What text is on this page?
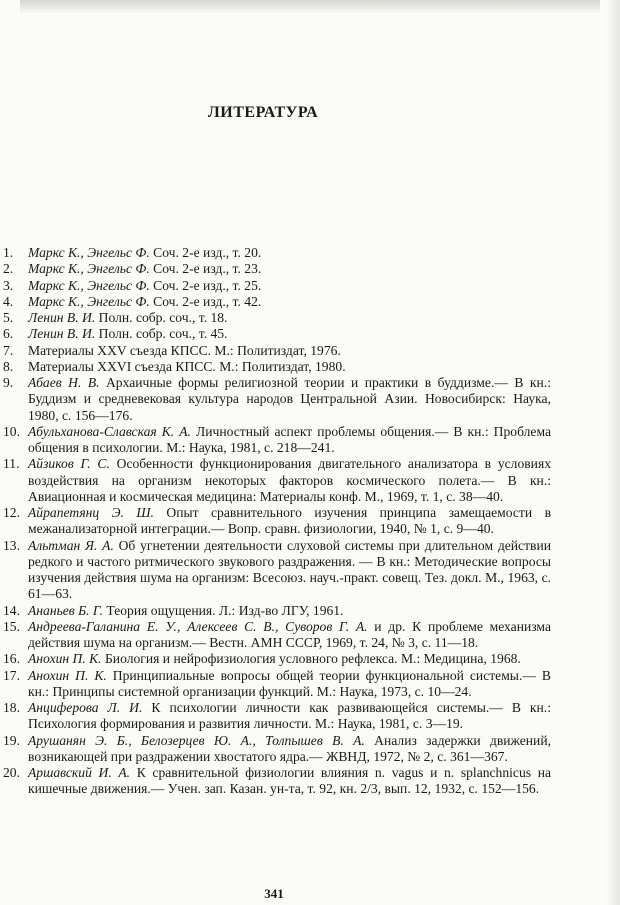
ЛИТЕРАТУРА
1. Маркс К., Энгельс Ф. Соч. 2-е изд., т. 20.
2. Маркс К., Энгельс Ф. Соч. 2-е изд., т. 23.
3. Маркс К., Энгельс Ф. Соч. 2-е изд., т. 25.
4. Маркс К., Энгельс Ф. Соч. 2-е изд., т. 42.
5. Ленин В. И. Полн. собр. соч., т. 18.
6. Ленин В. И. Полн. собр. соч., т. 45.
7. Материалы XXV съезда КПСС. М.: Политиздат, 1976.
8. Материалы XXVI съезда КПСС. М.: Политиздат, 1980.
9. Абаев Н. В. Архаичные формы религиозной теории и практики в буддизме.— В кн.: Буддизм и средневековая культура народов Центральной Азии. Новосибирск: Наука, 1980, с. 156—176.
10. Абульханова-Славская К. А. Личностный аспект проблемы общения.— В кн.: Проблема общения в психологии. М.: Наука, 1981, с. 218—241.
11. Айзиков Г. С. Особенности функционирования двигательного анализатора в условиях воздействия на организм некоторых факторов космического полета.— В кн.: Авиационная и космическая медицина: Материалы конф. М., 1969, т. 1, с. 38—40.
12. Айрапетянц Э. Ш. Опыт сравнительного изучения принципа замещаемости в межанализаторной интеграции.— Вопр. сравн. физиологии, 1940, № 1, с. 9—40.
13. Альтман Я. А. Об угнетении деятельности слуховой системы при длительном действии редкого и частого ритмического звукового раздражения. — В кн.: Методические вопросы изучения действия шума на организм: Всесоюз. науч.-практ. совещ. Тез. докл. М., 1963, с. 61—63.
14. Ананьев Б. Г. Теория ощущения. Л.: Изд-во ЛГУ, 1961.
15. Андреева-Галанина Е. У., Алексеев С. В., Суворов Г. А. и др. К проблеме механизма действия шума на организм.— Вестн. АМН СССР, 1969, т. 24, № 3, с. 11—18.
16. Анохин П. К. Биология и нейрофизиология условного рефлекса. М.: Медицина, 1968.
17. Анохин П. К. Принципиальные вопросы общей теории функциональной системы.— В кн.: Принципы системной организации функций. М.: Наука, 1973, с. 10—24.
18. Анциферова Л. И. К психологии личности как развивающейся системы.— В кн.: Психология формирования и развития личности. М.: Наука, 1981, с. 3—19.
19. Арушанян Э. Б., Белозерцев Ю. А., Толпышев В. А. Анализ задержки движений, возникающей при раздражении хвостатого ядра.— ЖВНД, 1972, № 2, с. 361—367.
20. Аршавский И. А. К сравнительной физиологии влияния n. vagus и n. splanchnicus на кишечные движения.— Учен. зап. Казан. ун-та, т. 92, кн. 2/3, вып. 12, 1932, с. 152—156.
341
